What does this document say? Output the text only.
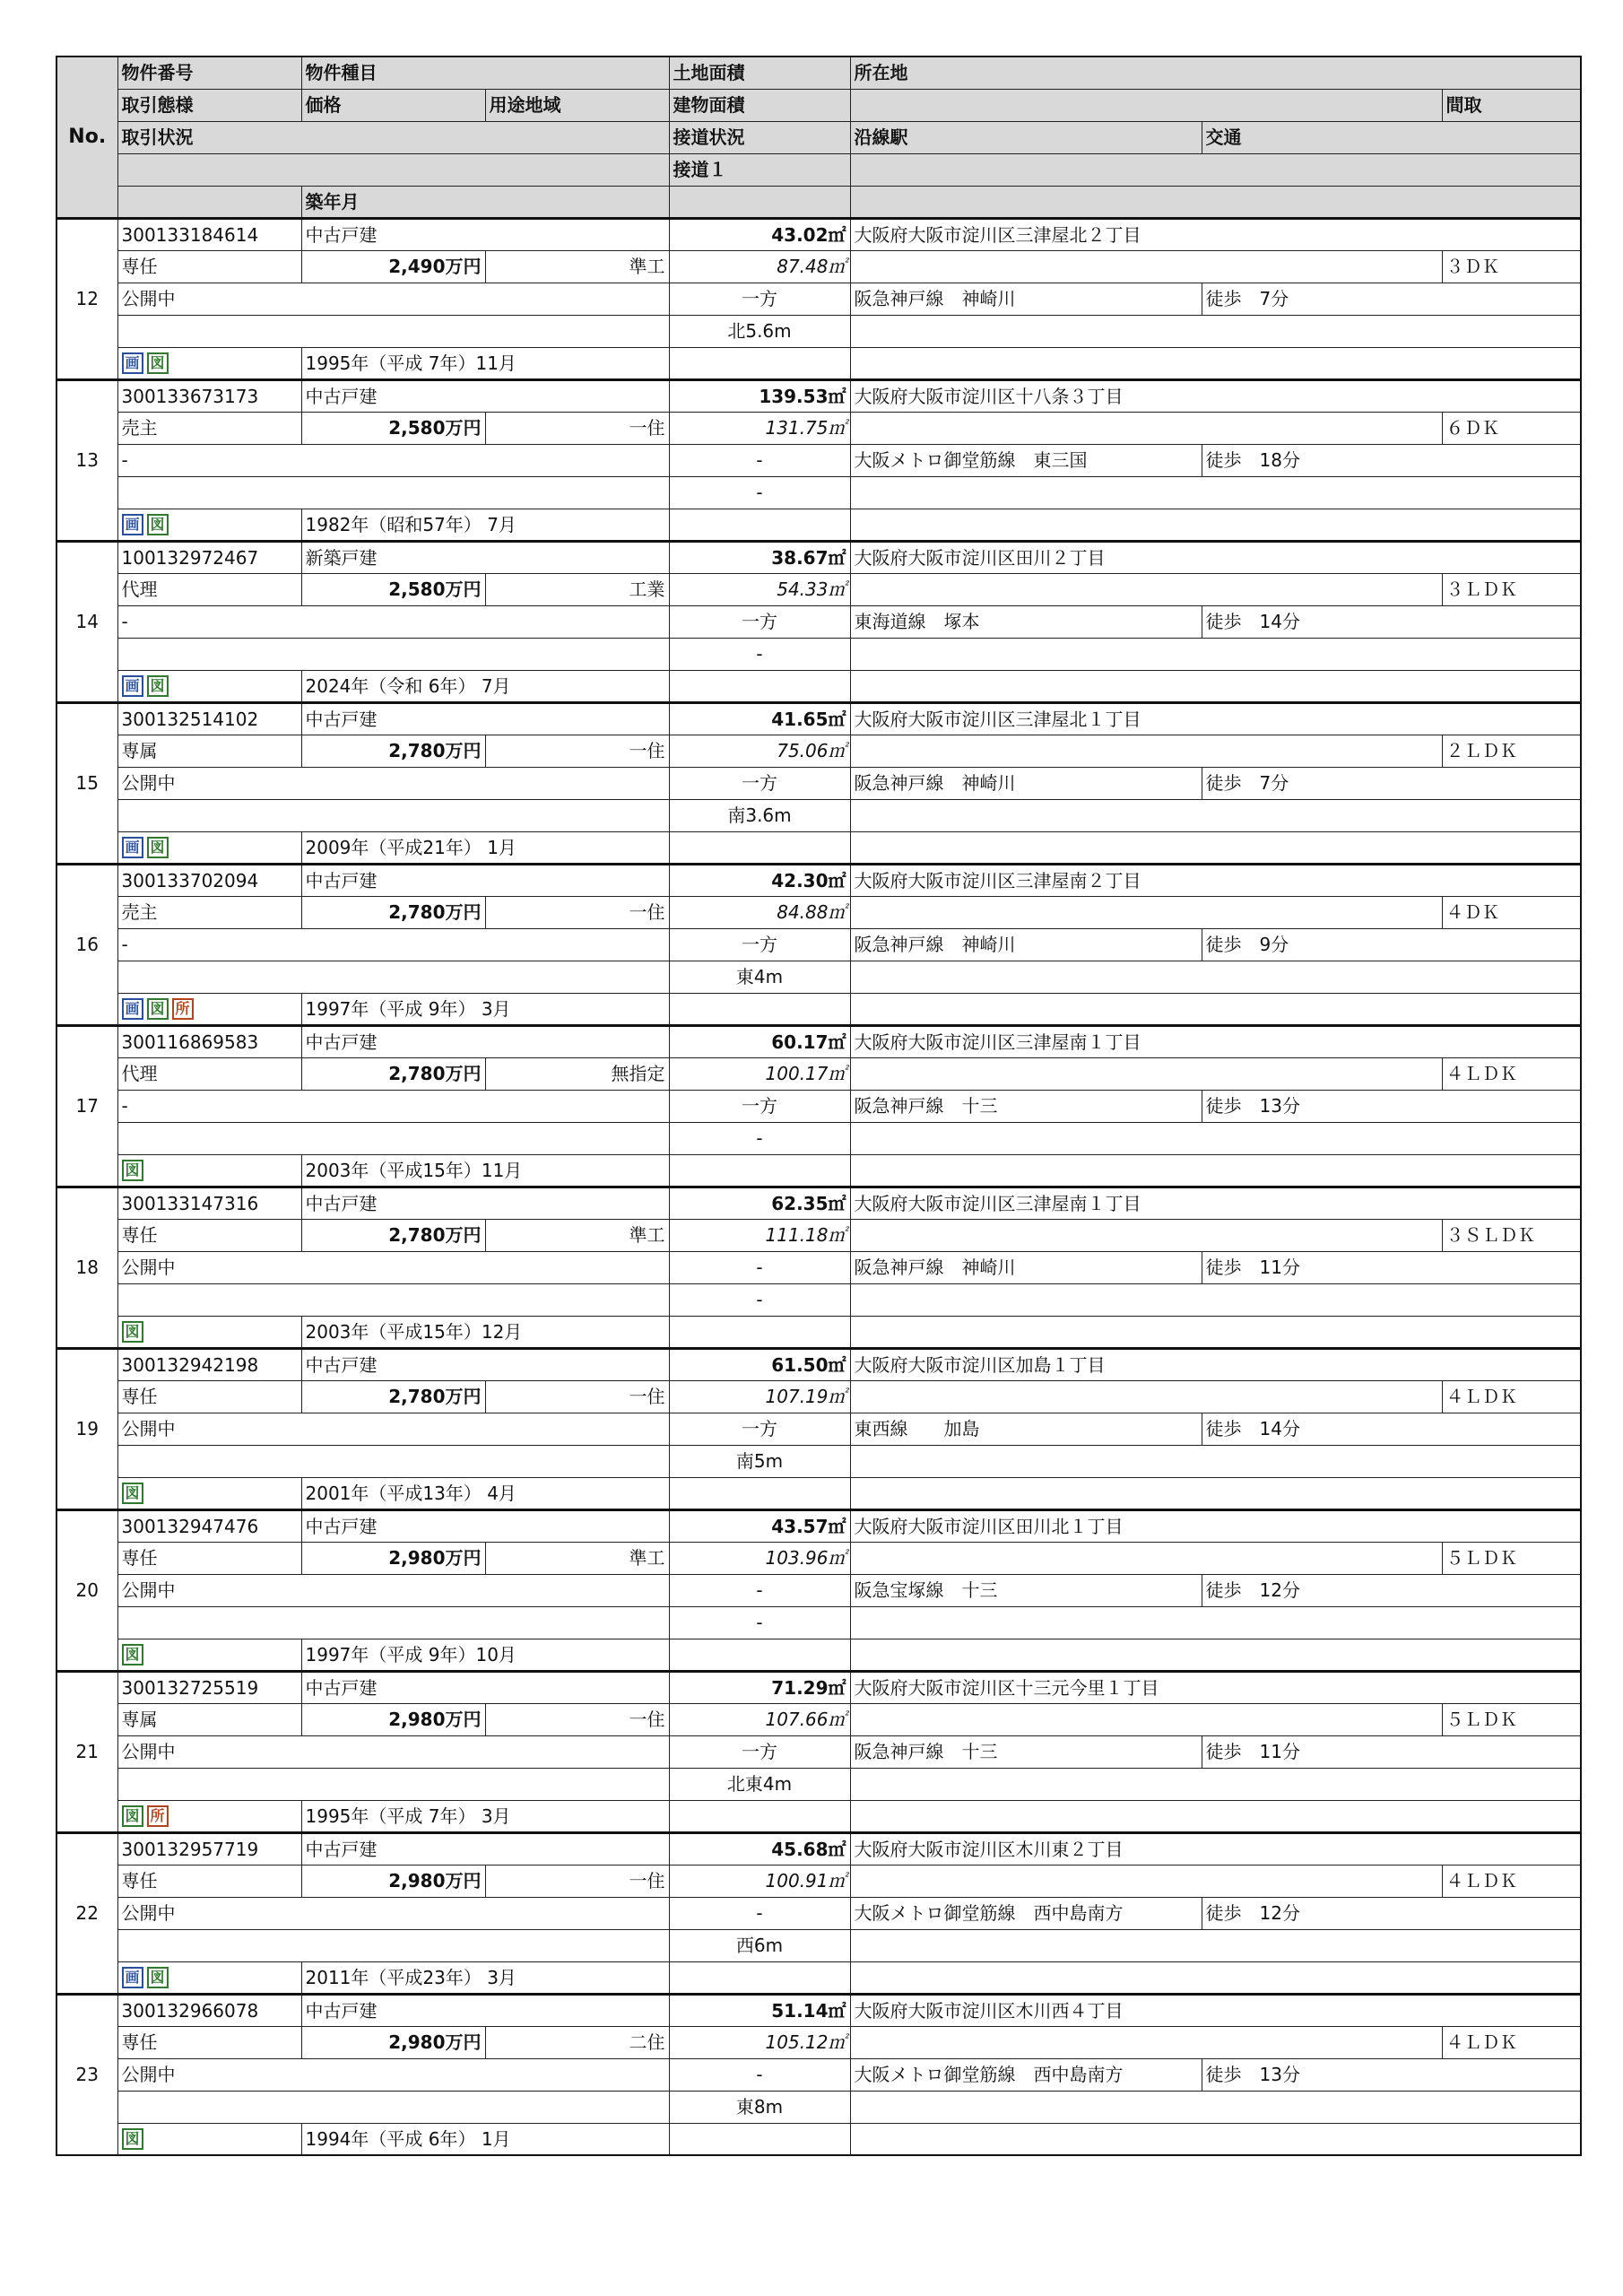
No.	物件番号	物件種目		土地面積	所在地		
	取引態様	価格	用途地域	建物面積			間取
	取引状況			接道状況	沿線駅	交通	
				接道１			
		築年月					
12	300133184614	中古戸建		43.02㎡	大阪府大阪市淀川区三津屋北２丁目		
	専任	2,490万円	準工	87.48㎡			３ＤＫ
	公開中			一方	阪急神戸線　神崎川	徒歩　7分	
				北5.6m			
	画 図	1995年（平成 7年）11月					
13	300133673173	中古戸建		139.53㎡	大阪府大阪市淀川区十八条３丁目		
	売主	2,580万円	一住	131.75㎡			６ＤＫ
	-			-	大阪メトロ御堂筋線　東三国	徒歩　18分	
				-			
	画 図	1982年（昭和57年） 7月					
14	100132972467	新築戸建		38.67㎡	大阪府大阪市淀川区田川２丁目		
	代理	2,580万円	工業	54.33㎡			３ＬＤＫ
	-			一方	東海道線　塚本	徒歩　14分	
				-			
	画 図	2024年（令和 6年） 7月					
15	300132514102	中古戸建		41.65㎡	大阪府大阪市淀川区三津屋北１丁目		
	専属	2,780万円	一住	75.06㎡			２ＬＤＫ
	公開中			一方	阪急神戸線　神崎川	徒歩　7分	
				南3.6m			
	画 図	2009年（平成21年） 1月					
16	300133702094	中古戸建		42.30㎡	大阪府大阪市淀川区三津屋南２丁目		
	売主	2,780万円	一住	84.88㎡			４ＤＫ
	-			一方	阪急神戸線　神崎川	徒歩　9分	
				東4m			
	画 図 所	1997年（平成 9年） 3月					
17	300116869583	中古戸建		60.17㎡	大阪府大阪市淀川区三津屋南１丁目		
	代理	2,780万円	無指定	100.17㎡			４ＬＤＫ
	-			一方	阪急神戸線　十三	徒歩　13分	
				-			
	図	2003年（平成15年）11月					
18	300133147316	中古戸建		62.35㎡	大阪府大阪市淀川区三津屋南１丁目		
	専任	2,780万円	準工	111.18㎡			３ＳＬＤＫ
	公開中			-	阪急神戸線　神崎川	徒歩　11分	
				-			
	図	2003年（平成15年）12月					
19	300132942198	中古戸建		61.50㎡	大阪府大阪市淀川区加島１丁目		
	専任	2,780万円	一住	107.19㎡			４ＬＤＫ
	公開中			一方	東西線　　加島	徒歩　14分	
				南5m			
	図	2001年（平成13年） 4月					
20	300132947476	中古戸建		43.57㎡	大阪府大阪市淀川区田川北１丁目		
	専任	2,980万円	準工	103.96㎡			５ＬＤＫ
	公開中			-	阪急宝塚線　十三	徒歩　12分	
				-			
	図	1997年（平成 9年）10月					
21	300132725519	中古戸建		71.29㎡	大阪府大阪市淀川区十三元今里１丁目		
	専属	2,980万円	一住	107.66㎡			５ＬＤＫ
	公開中			一方	阪急神戸線　十三	徒歩　11分	
				北東4m			
	図 所	1995年（平成 7年） 3月					
22	300132957719	中古戸建		45.68㎡	大阪府大阪市淀川区木川東２丁目		
	専任	2,980万円	一住	100.91㎡			４ＬＤＫ
	公開中			-	大阪メトロ御堂筋線　西中島南方	徒歩　12分	
				西6m			
	画 図	2011年（平成23年） 3月					
23	300132966078	中古戸建		51.14㎡	大阪府大阪市淀川区木川西４丁目		
	専任	2,980万円	二住	105.12㎡			４ＬＤＫ
	公開中			-	大阪メトロ御堂筋線　西中島南方	徒歩　13分	
				東8m			
	図	1994年（平成 6年） 1月					
